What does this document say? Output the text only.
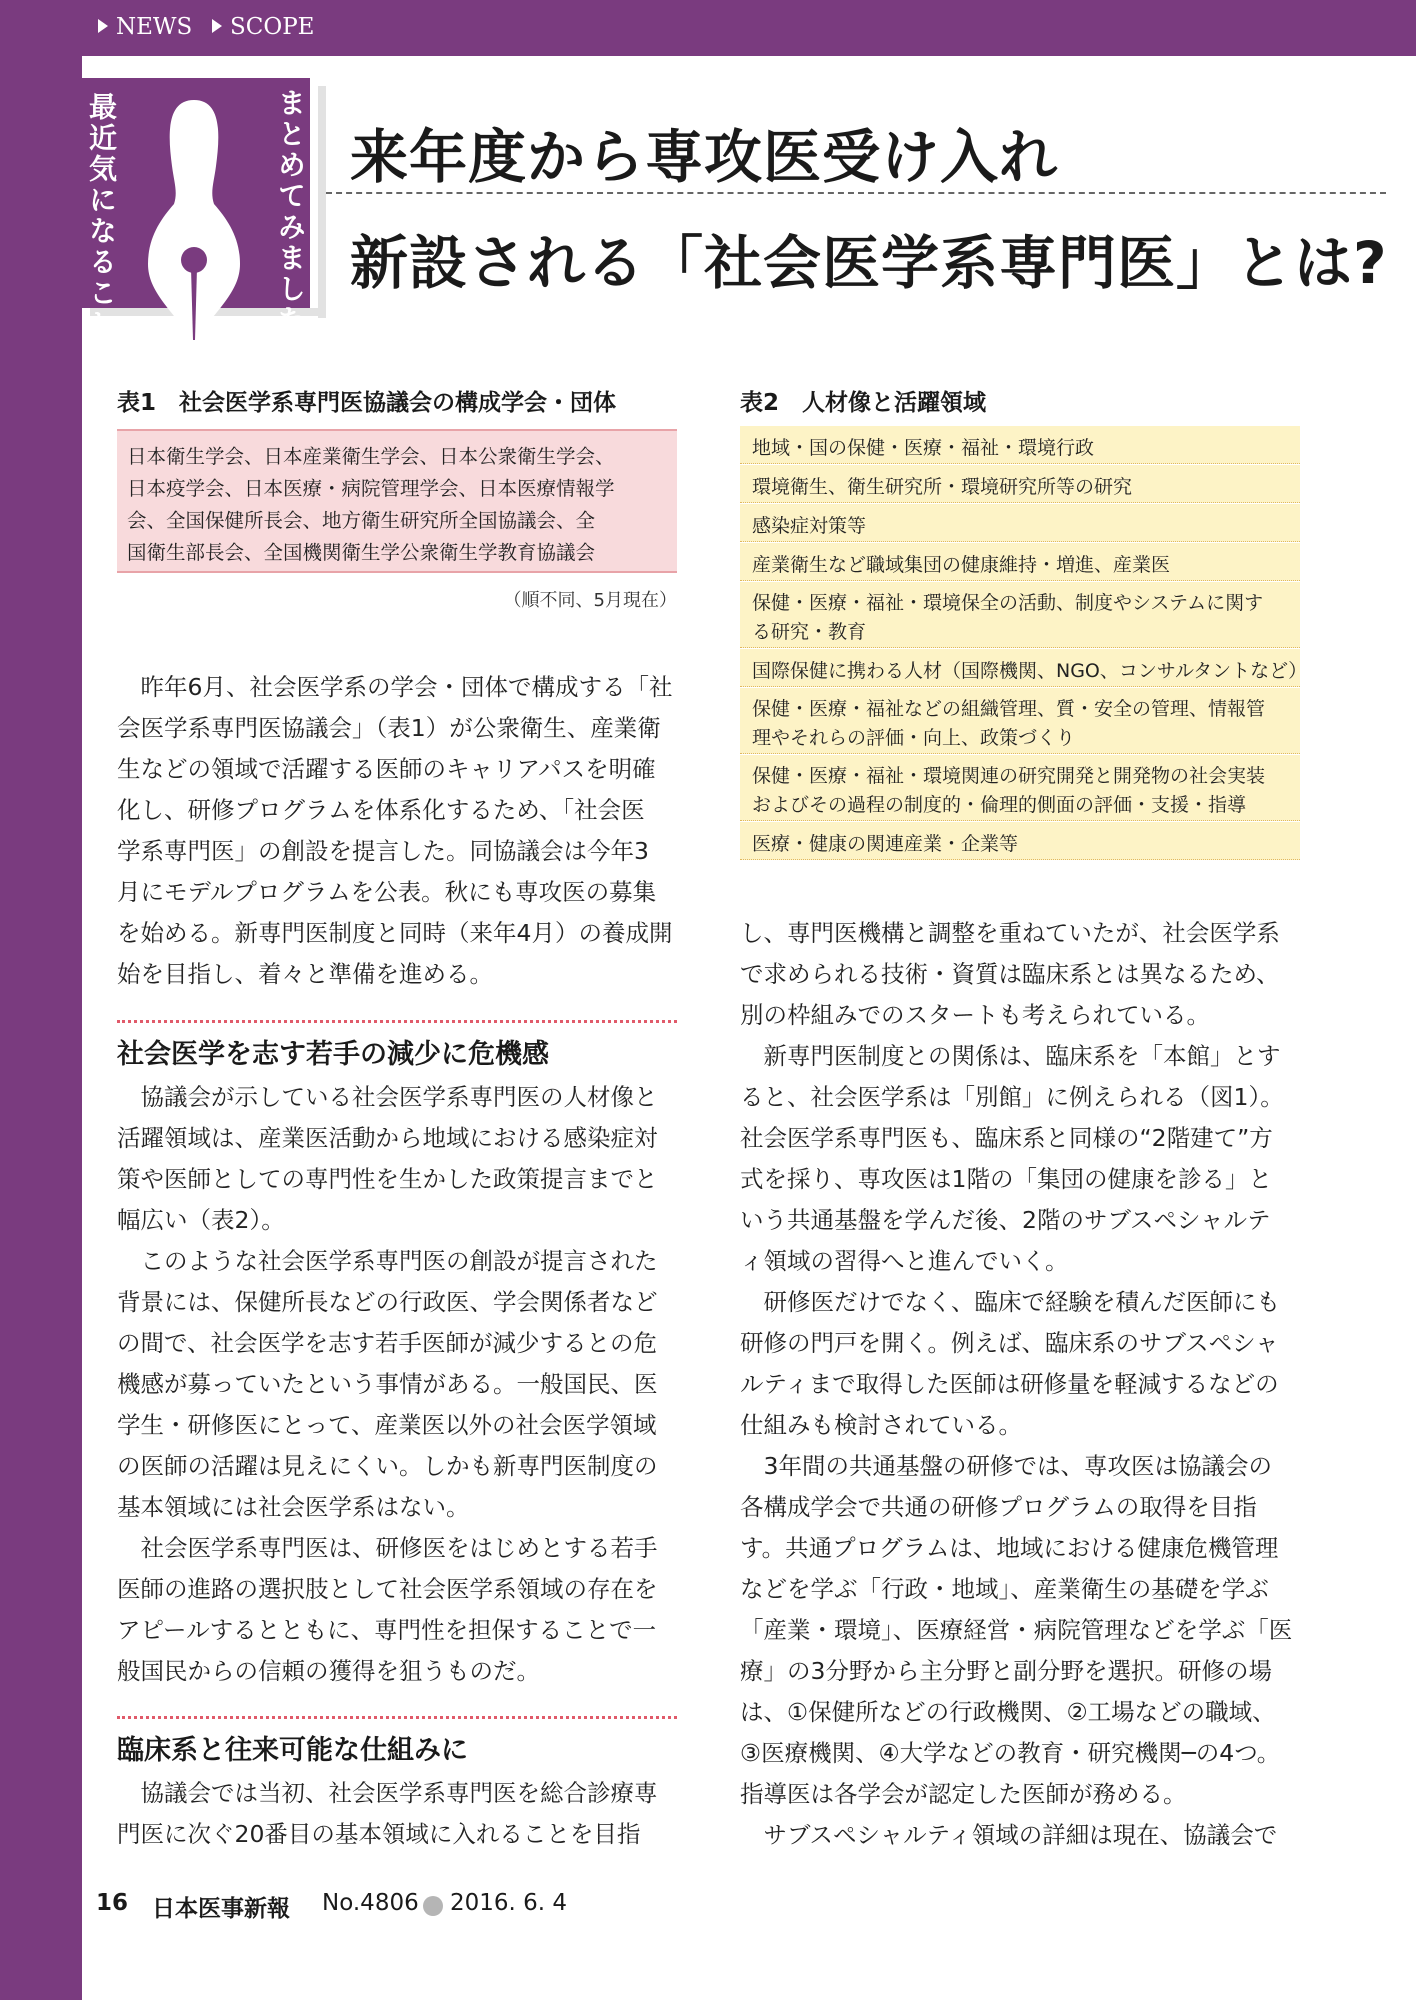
NEWS	SCOPE
最近気になること	まとめてみました 来年度から専攻医受け入れ
新設される「社会医学系専門医」とは?
表1　社会医学系専門医協議会の構成学会・団体
日本衛生学会、日本産業衛生学会、日本公衆衛生学会、
日本疫学会、日本医療・病院管理学会、日本医療情報学
会、全国保健所長会、地方衛生研究所全国協議会、全
国衛生部長会、全国機関衛生学公衆衛生学教育協議会
（順不同、5月現在）
表2　人材像と活躍領域
地域・国の保健・医療・福祉・環境行政
環境衛生、衛生研究所・環境研究所等の研究
感染症対策等
産業衛生など職域集団の健康維持・増進、産業医
保健・医療・福祉・環境保全の活動、制度やシステムに関す
る研究・教育
国際保健に携わる人材（国際機関、NGO、コンサルタントなど）
保健・医療・福祉などの組織管理、質・安全の管理、情報管
理やそれらの評価・向上、政策づくり
保健・医療・福祉・環境関連の研究開発と開発物の社会実装
およびその過程の制度的・倫理的側面の評価・支援・指導
医療・健康の関連産業・企業等
　昨年6月、社会医学系の学会・団体で構成する「社
会医学系専門医協議会」（表1）が公衆衛生、産業衛
生などの領域で活躍する医師のキャリアパスを明確
化し、研修プログラムを体系化するため、「社会医
学系専門医」の創設を提言した。同協議会は今年3
月にモデルプログラムを公表。秋にも専攻医の募集
を始める。新専門医制度と同時（来年4月）の養成開
始を目指し、着々と準備を進める。
社会医学を志す若手の減少に危機感
　協議会が示している社会医学系専門医の人材像と
活躍領域は、産業医活動から地域における感染症対
策や医師としての専門性を生かした政策提言までと
幅広い（表2）。
　このような社会医学系専門医の創設が提言された
背景には、保健所長などの行政医、学会関係者など
の間で、社会医学を志す若手医師が減少するとの危
機感が募っていたという事情がある。一般国民、医
学生・研修医にとって、産業医以外の社会医学領域
の医師の活躍は見えにくい。しかも新専門医制度の
基本領域には社会医学系はない。
　社会医学系専門医は、研修医をはじめとする若手
医師の進路の選択肢として社会医学系領域の存在を
アピールするとともに、専門性を担保することで一
般国民からの信頼の獲得を狙うものだ。
臨床系と往来可能な仕組みに
　協議会では当初、社会医学系専門医を総合診療専
門医に次ぐ20番目の基本領域に入れることを目指
し、専門医機構と調整を重ねていたが、社会医学系
で求められる技術・資質は臨床系とは異なるため、
別の枠組みでのスタートも考えられている。
　新専門医制度との関係は、臨床系を「本館」とす
ると、社会医学系は「別館」に例えられる（図1）。
社会医学系専門医も、臨床系と同様の“2階建て”方
式を採り、専攻医は1階の「集団の健康を診る」と
いう共通基盤を学んだ後、2階のサブスペシャルテ
ィ領域の習得へと進んでいく。
　研修医だけでなく、臨床で経験を積んだ医師にも
研修の門戸を開く。例えば、臨床系のサブスペシャ
ルティまで取得した医師は研修量を軽減するなどの
仕組みも検討されている。
　3年間の共通基盤の研修では、専攻医は協議会の
各構成学会で共通の研修プログラムの取得を目指
す。共通プログラムは、地域における健康危機管理
などを学ぶ「行政・地域」、産業衛生の基礎を学ぶ
「産業・環境」、医療経営・病院管理などを学ぶ「医
療」の3分野から主分野と副分野を選択。研修の場
は、①保健所などの行政機関、②工場などの職域、
③医療機関、④大学などの教育・研究機関─の4つ。
指導医は各学会が認定した医師が務める。
　サブスペシャルティ領域の詳細は現在、協議会で
16 日本医事新報 No.4806 2016. 6. 4
